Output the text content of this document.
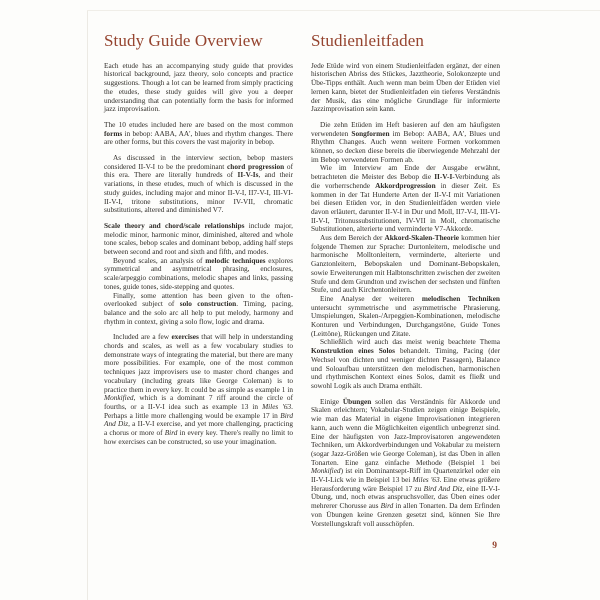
Study Guide Overview

Each etude has an accompanying study guide that provides historical background, jazz theory, solo concepts and practice suggestions. Though a lot can be learned from simply practicing the etudes, these study guides will give you a deeper understanding that can potentially form the basis for informed jazz improvisation.

The 10 etudes included here are based on the most common forms in bebop: AABA, AA', blues and rhythm changes. There are other forms, but this covers the vast majority in bebop.

As discussed in the interview section, bebop masters considered II-V-I to be the predominant chord progression of this era. There are literally hundreds of II-V-Is, and their variations, in these etudes, much of which is discussed in the study guides, including major and minor II-V-I, II7-V-I, III-VI-II-V-I, tritone substitutions, minor IV-VII, chromatic substitutions, altered and diminished V7.

Scale theory and chord/scale relationships include major, melodic minor, harmonic minor, diminished, altered and whole tone scales, bebop scales and dominant bebop, adding half steps between second and root and sixth and fifth, and modes.

Beyond scales, an analysis of melodic techniques explores symmetrical and asymmetrical phrasing, enclosures, scale/arpeggio combinations, melodic shapes and links, passing tones, guide tones, side-stepping and quotes.

Finally, some attention has been given to the often-overlooked subject of solo construction. Timing, pacing, balance and the solo arc all help to put melody, harmony and rhythm in context, giving a solo flow, logic and drama.

Included are a few exercises that will help in understanding chords and scales, as well as a few vocabulary studies to demonstrate ways of integrating the material, but there are many more possibilities. For example, one of the most common techniques jazz improvisers use to master chord changes and vocabulary (including greats like George Coleman) is to practice them in every key. It could be as simple as example 1 in Monkified, which is a dominant 7 riff around the circle of fourths, or a II-V-I idea such as example 13 in Miles '63. Perhaps a little more challenging would be example 17 in Bird And Diz, a II-V-I exercise, and yet more challenging, practicing a chorus or more of Bird in every key. There's really no limit to how exercises can be constructed, so use your imagination.

Studienleitfaden

Jede Etüde wird von einem Studienleitfaden ergänzt, der einen historischen Abriss des Stückes, Jazztheorie, Solokonzepte und Übe-Tipps enthält. Auch wenn man beim Üben der Etüden viel lernen kann, bietet der Studienleitfaden ein tieferes Verständnis der Musik, das eine mögliche Grundlage für informierte Jazzimprovisation sein kann.

Die zehn Etüden im Heft basieren auf den am häufigsten verwendeten Songformen im Bebop: AABA, AA', Blues und Rhythm Changes. Auch wenn weitere Formen vorkommen können, so decken diese bereits die überwiegende Mehrzahl der im Bebop verwendeten Formen ab.

Wie im Interview am Ende der Ausgabe erwähnt, betrachteten die Meister des Bebop die II-V-I-Verbindung als die vorherrschende Akkordprogression in dieser Zeit. Es kommen in der Tat Hunderte Arten der II-V-I mit Variationen bei diesen Etüden vor, in den Studienleitfäden werden viele davon erläutert, darunter II-V-I in Dur und Moll, II7-V-I, III-VI-II-V-I, Tritonussubstitutionen, IV-VII in Moll, chromatische Substitutionen, alterierte und verminderte V7-Akkorde.

Aus dem Bereich der Akkord-Skalen-Theorie kommen hier folgende Themen zur Sprache: Durtonleitern, melodische und harmonische Molltonleitern, verminderte, alterierte und Ganztonleitern, Bebopskalen und Dominant-Bebopskalen, sowie Erweiterungen mit Halbtonschritten zwischen der zweiten Stufe und dem Grundton und zwischen der sechsten und fünften Stufe, und auch Kirchentonleitern.

Eine Analyse der weiteren melodischen Techniken untersucht symmetrische und asymmetrische Phrasierung, Umspielungen, Skalen-/Arpeggien-Kombinationen, melodische Konturen und Verbindungen, Durchgangstöne, Guide Tones (Leittöne), Rückungen und Zitate.

Schließlich wird auch das meist wenig beachtete Thema Konstruktion eines Solos behandelt. Timing, Pacing (der Wechsel von dichten und weniger dichten Passagen), Balance und Soloaufbau unterstützen den melodischen, harmonischen und rhythmischen Kontext eines Solos, damit es fließt und sowohl Logik als auch Drama enthält.

Einige Übungen sollen das Verständnis für Akkorde und Skalen erleichtern; Vokabular-Studien zeigen einige Beispiele, wie man das Material in eigene Improvisationen integrieren kann, auch wenn die Möglichkeiten eigentlich unbegrenzt sind. Eine der häufigsten von Jazz-Improvisatoren angewendeten Techniken, um Akkordverbindungen und Vokabular zu meistern (sogar Jazz-Größen wie George Coleman), ist das Üben in allen Tonarten. Eine ganz einfache Methode (Beispiel 1 bei Monkified) ist ein Dominantsept-Riff im Quartenzirkel oder ein II-V-I-Lick wie in Beispiel 13 bei Miles '63. Eine etwas größere Herausforderung wäre Beispiel 17 zu Bird And Diz, eine II-V-I-Übung, und, noch etwas anspruchsvoller, das Üben eines oder mehrerer Chorusse aus Bird in allen Tonarten. Da dem Erfinden von Übungen keine Grenzen gesetzt sind, können Sie Ihre Vorstellungskraft voll ausschöpfen.

9
